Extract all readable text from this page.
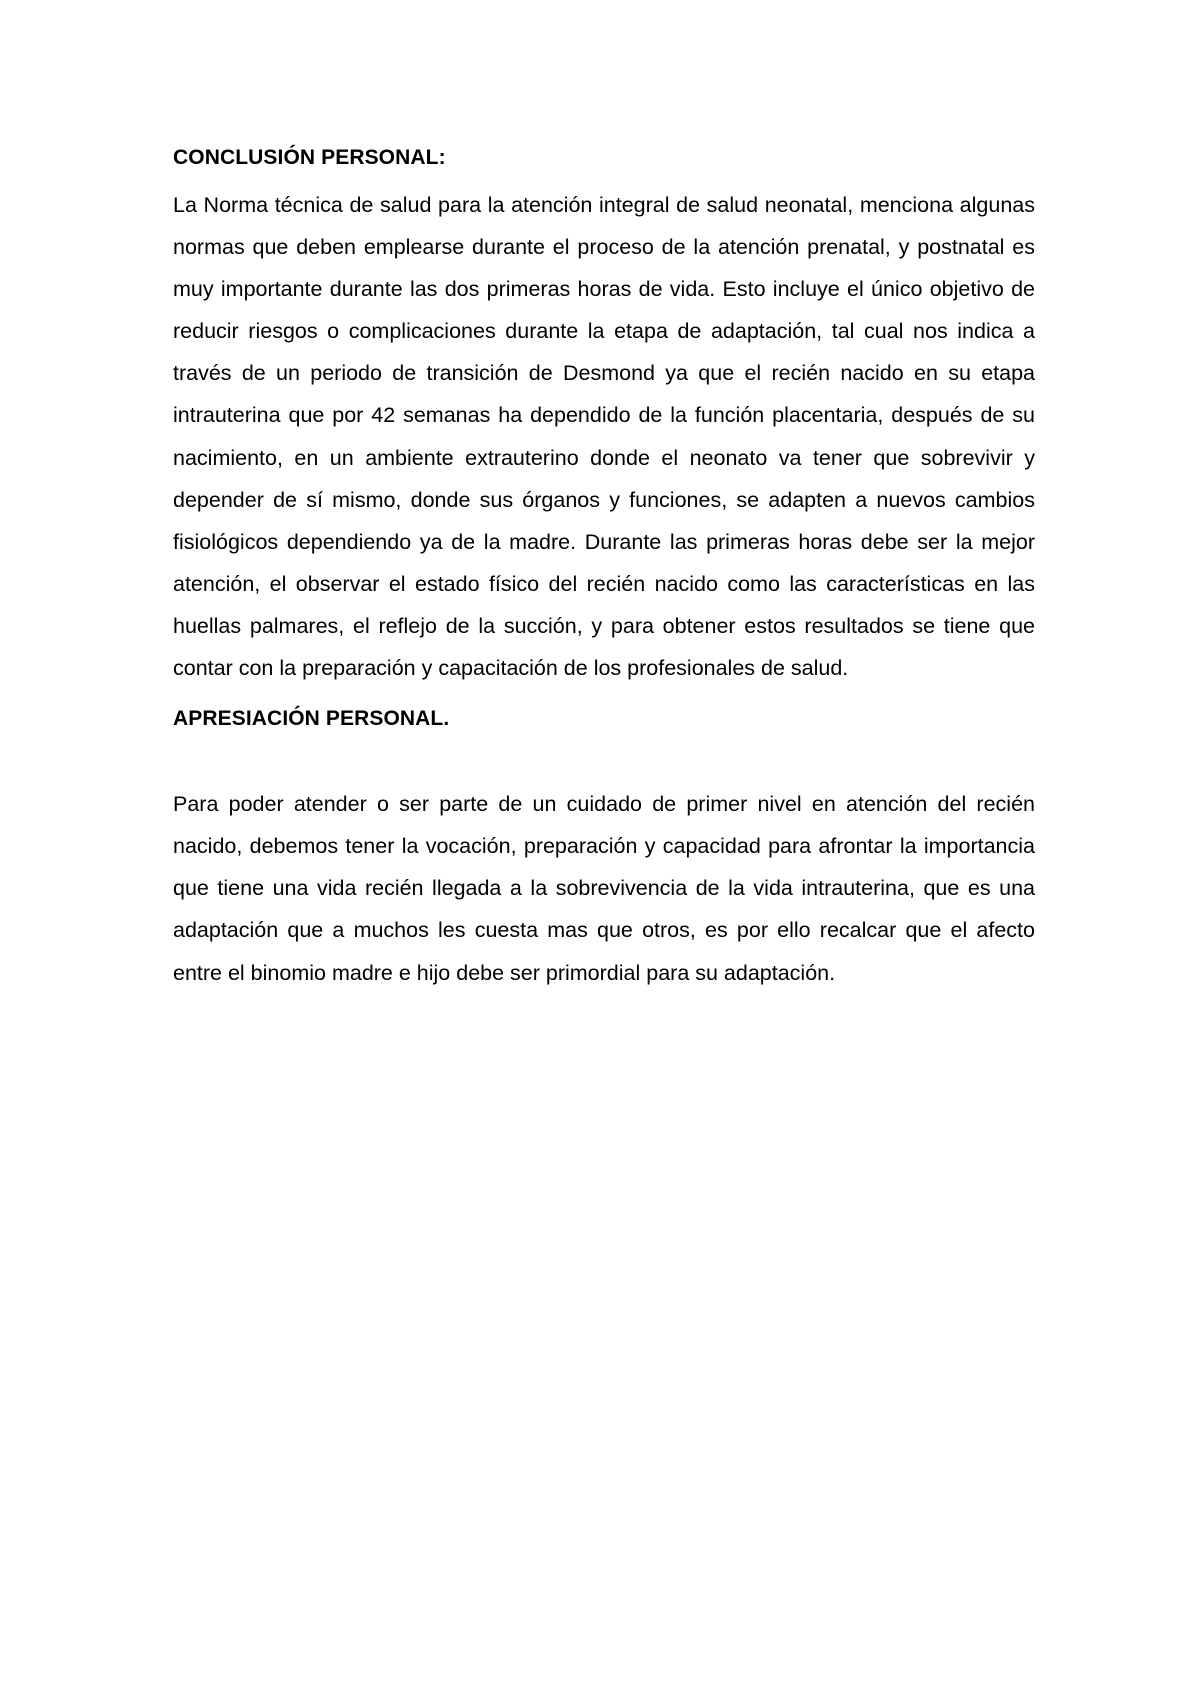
CONCLUSIÓN PERSONAL:

La Norma técnica de salud para la atención integral de salud neonatal, menciona algunas normas que deben emplearse durante el proceso de la atención prenatal, y postnatal es muy importante durante las dos primeras horas de vida. Esto incluye el único objetivo de reducir riesgos o complicaciones durante la etapa de adaptación, tal cual nos indica a través de un periodo de transición de Desmond ya que el recién nacido en su etapa intrauterina que por 42 semanas ha dependido de la función placentaria, después de su nacimiento, en un ambiente extrauterino donde el neonato va tener que sobrevivir y depender de sí mismo, donde sus órganos y funciones, se adapten a nuevos cambios fisiológicos dependiendo ya de la madre. Durante las primeras horas debe ser la mejor atención, el observar el estado físico del recién nacido como las características en las huellas palmares, el reflejo de la succión, y para obtener estos resultados se tiene que contar con la preparación y capacitación de los profesionales de salud.

APRESIACIÓN PERSONAL.

Para poder atender o ser parte de un cuidado de primer nivel en atención del recién nacido, debemos tener la vocación, preparación y capacidad para afrontar la importancia que tiene una vida recién llegada a la sobrevivencia de la vida intrauterina, que es una adaptación que a muchos les cuesta mas que otros, es por ello recalcar que el afecto entre el binomio madre e hijo debe ser primordial para su adaptación.
